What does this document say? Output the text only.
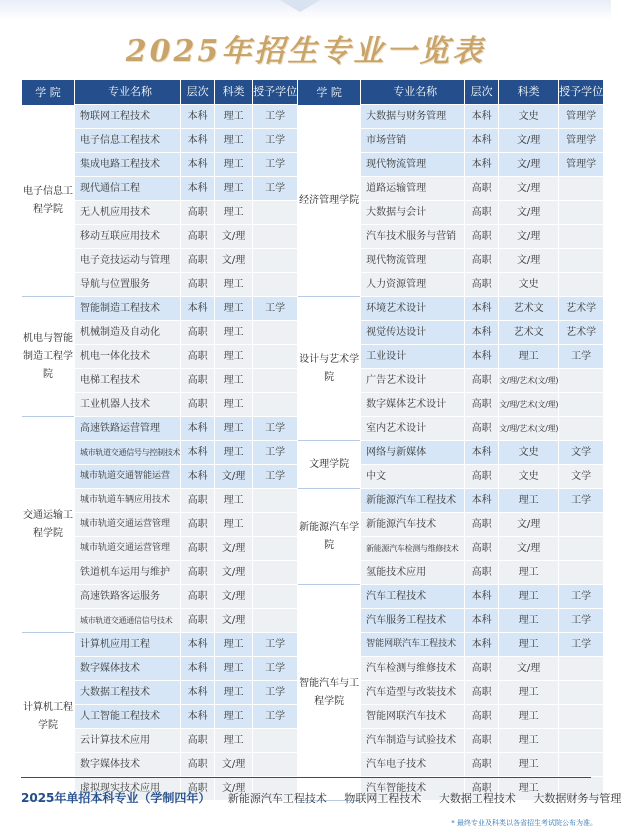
2025年招生专业一览表
学 院	专业名称	层次	科类	授予学位	学 院	专业名称	层次	科类	授予学位
电子信息工程学院	物联网工程技术	本科	理工	工学	经济管理学院	大数据与财务管理	本科	文史	管理学
	电子信息工程技术	本科	理工	工学		市场营销	本科	文/理	管理学
	集成电路工程技术	本科	理工	工学		现代物流管理	本科	文/理	管理学
	现代通信工程	本科	理工	工学		道路运输管理	高职	文/理	
	无人机应用技术	高职	理工			大数据与会计	高职	文/理	
	移动互联应用技术	高职	文/理			汽车技术服务与营销	高职	文/理	
	电子竞技运动与管理	高职	文/理			现代物流管理	高职	文/理	
	导航与位置服务	高职	理工			人力资源管理	高职	文史	
机电与智能制造工程学院	智能制造工程技术	本科	理工	工学	设计与艺术学院	环境艺术设计	本科	艺术文	艺术学
	机械制造及自动化	高职	理工			视觉传达设计	本科	艺术文	艺术学
	机电一体化技术	高职	理工			工业设计	本科	理工	工学
	电梯工程技术	高职	理工			广告艺术设计	高职	文/理/艺术(文/理)	
	工业机器人技术	高职	理工			数字媒体艺术设计	高职	文/理/艺术(文/理)	
交通运输工程学院	高速铁路运营管理	本科	理工	工学		室内艺术设计	高职	文/理/艺术(文/理)	
	城市轨道交通信号与控制技术	本科	理工	工学	文理学院	网络与新媒体	本科	文史	文学
	城市轨道交通智能运营	本科	文/理	工学		中文	高职	文史	文学
	城市轨道车辆应用技术	高职	理工		新能源汽车学院	新能源汽车工程技术	本科	理工	工学
	城市轨道交通运营管理	高职	理工			新能源汽车技术	高职	文/理	
	城市轨道交通运营管理	高职	文/理			新能源汽车检测与维修技术	高职	文/理	
	铁道机车运用与维护	高职	文/理			氢能技术应用	高职	理工	
	高速铁路客运服务	高职	文/理		智能汽车与工程学院	汽车工程技术	本科	理工	工学
	城市轨道交通通信信号技术	高职	文/理			汽车服务工程技术	本科	理工	工学
计算机工程学院	计算机应用工程	本科	理工	工学		智能网联汽车工程技术	本科	理工	工学
	数字媒体技术	本科	理工	工学		汽车检测与维修技术	高职	文/理	
	大数据工程技术	本科	理工	工学		汽车造型与改装技术	高职	理工	
	人工智能工程技术	本科	理工	工学		智能网联汽车技术	高职	理工	
	云计算技术应用	高职	理工			汽车制造与试验技术	高职	理工	
	数字媒体技术	高职	文/理			汽车电子技术	高职	理工	
	虚拟现实技术应用	高职	文/理			汽车智能技术	高职	理工	
2025年单招本科专业（学制四年） 新能源汽车工程技术 物联网工程技术 大数据工程技术 大数据财务与管理
* 最终专业及科类以各省招生考试院公布为准。
